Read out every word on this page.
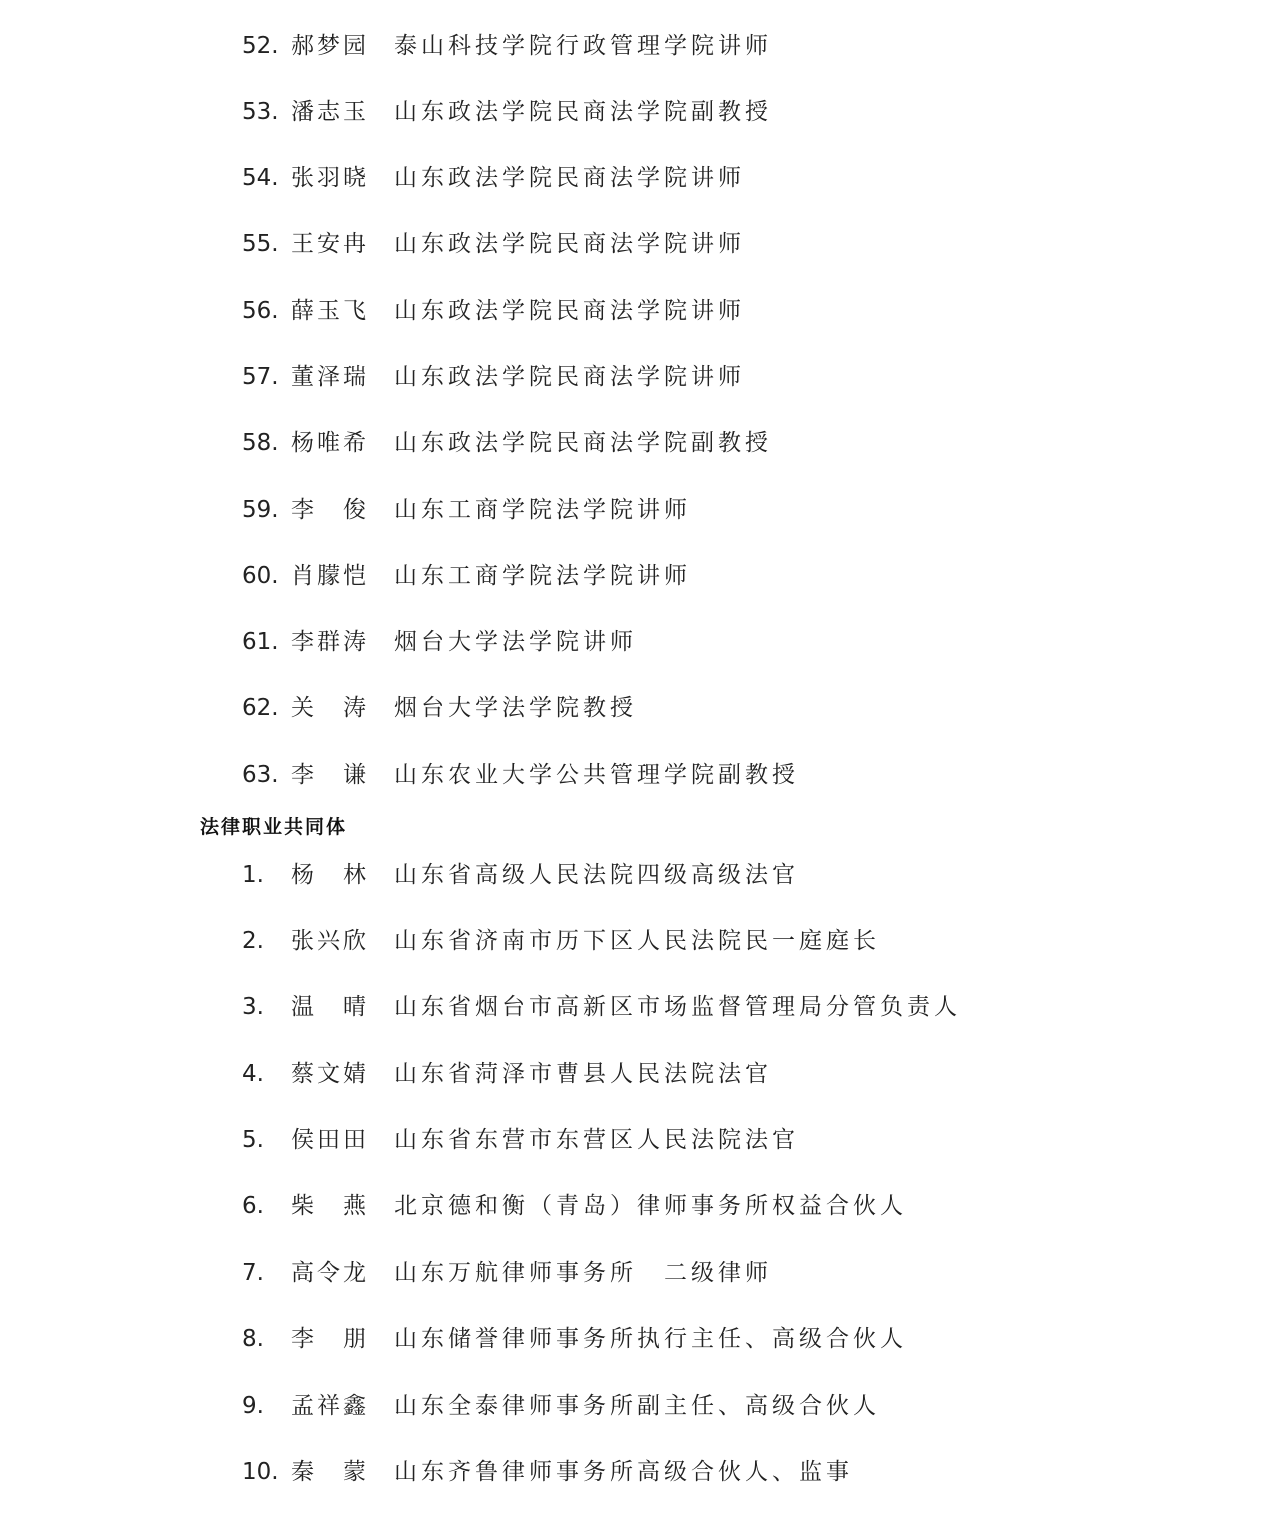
52. 郝梦园 泰山科技学院行政管理学院讲师
53. 潘志玉 山东政法学院民商法学院副教授
54. 张羽晓 山东政法学院民商法学院讲师
55. 王安冉 山东政法学院民商法学院讲师
56. 薛玉飞 山东政法学院民商法学院讲师
57. 董泽瑞 山东政法学院民商法学院讲师
58. 杨唯希 山东政法学院民商法学院副教授
59. 李　俊 山东工商学院法学院讲师
60. 肖朦恺 山东工商学院法学院讲师
61. 李群涛 烟台大学法学院讲师
62. 关　涛 烟台大学法学院教授
63. 李　谦 山东农业大学公共管理学院副教授
法律职业共同体
1. 杨　林 山东省高级人民法院四级高级法官
2. 张兴欣 山东省济南市历下区人民法院民一庭庭长
3. 温　晴 山东省烟台市高新区市场监督管理局分管负责人
4. 蔡文婧 山东省菏泽市曹县人民法院法官
5. 侯田田 山东省东营市东营区人民法院法官
6. 柴　燕 北京德和衡（青岛）律师事务所权益合伙人
7. 高令龙 山东万航律师事务所　二级律师
8. 李　朋 山东储誉律师事务所执行主任、高级合伙人
9. 孟祥鑫 山东全泰律师事务所副主任、高级合伙人
10. 秦　蒙 山东齐鲁律师事务所高级合伙人、监事
